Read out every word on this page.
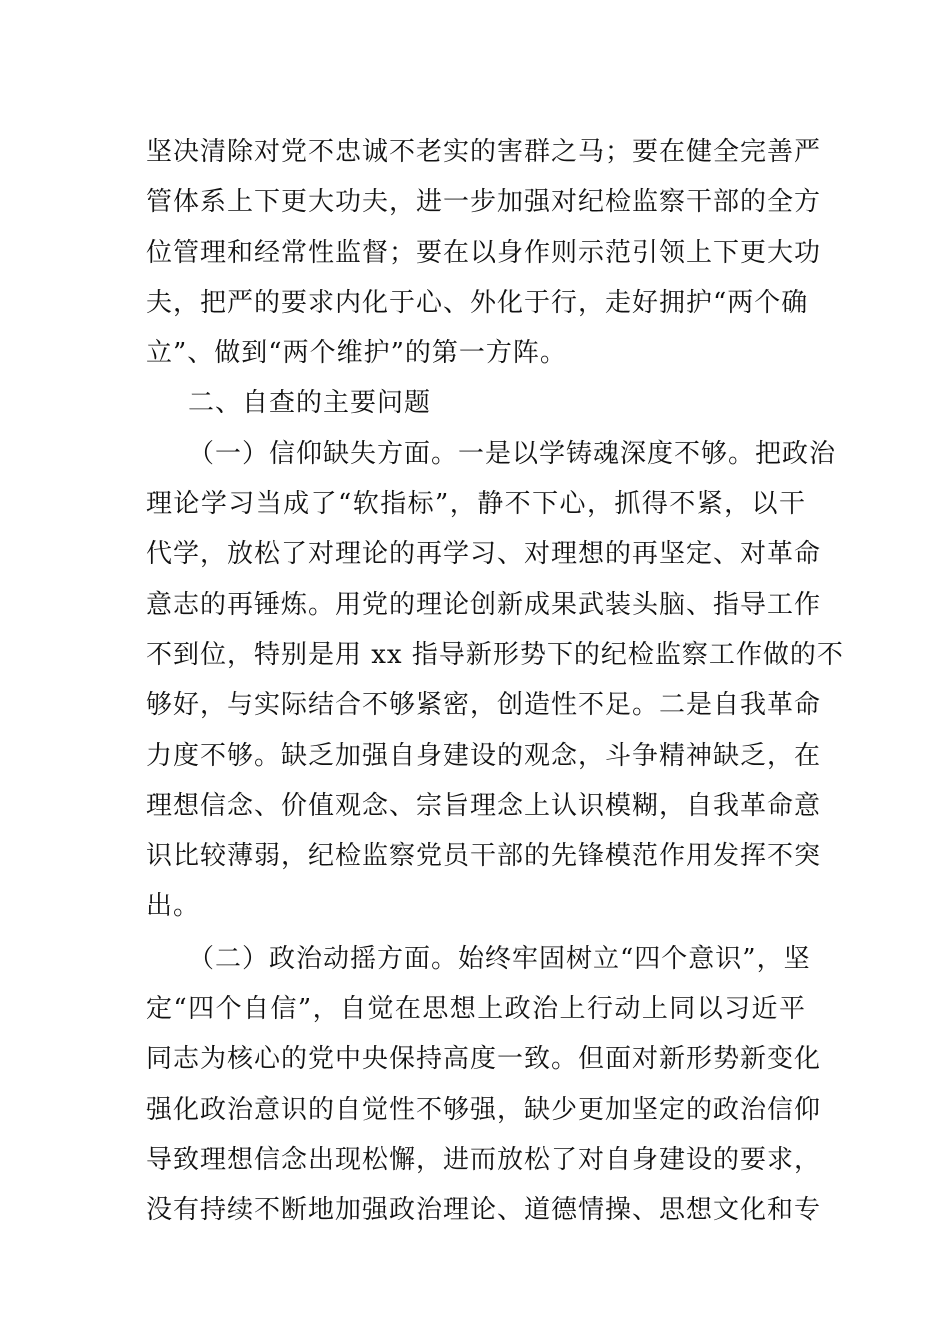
坚决清除对党不忠诚不老实的害群之马；要在健全完善严
管体系上下更大功夫，进一步加强对纪检监察干部的全方
位管理和经常性监督；要在以身作则示范引领上下更大功
夫，把严的要求内化于心、外化于行，走好拥护“两个确
立”、做到“两个维护”的第一方阵。
二、自查的主要问题
（一）信仰缺失方面。一是以学铸魂深度不够。把政治
理论学习当成了“软指标”，静不下心，抓得不紧，以干
代学，放松了对理论的再学习、对理想的再坚定、对革命
意志的再锤炼。用党的理论创新成果武装头脑、指导工作
不到位，特别是用 xx 指导新形势下的纪检监察工作做的不
够好，与实际结合不够紧密，创造性不足。二是自我革命
力度不够。缺乏加强自身建设的观念，斗争精神缺乏，在
理想信念、价值观念、宗旨理念上认识模糊，自我革命意
识比较薄弱，纪检监察党员干部的先锋模范作用发挥不突
出。
（二）政治动摇方面。始终牢固树立“四个意识”，坚
定“四个自信”，自觉在思想上政治上行动上同以习近平
同志为核心的党中央保持高度一致。但面对新形势新变化
强化政治意识的自觉性不够强，缺少更加坚定的政治信仰
导致理想信念出现松懈，进而放松了对自身建设的要求，
没有持续不断地加强政治理论、道德情操、思想文化和专
